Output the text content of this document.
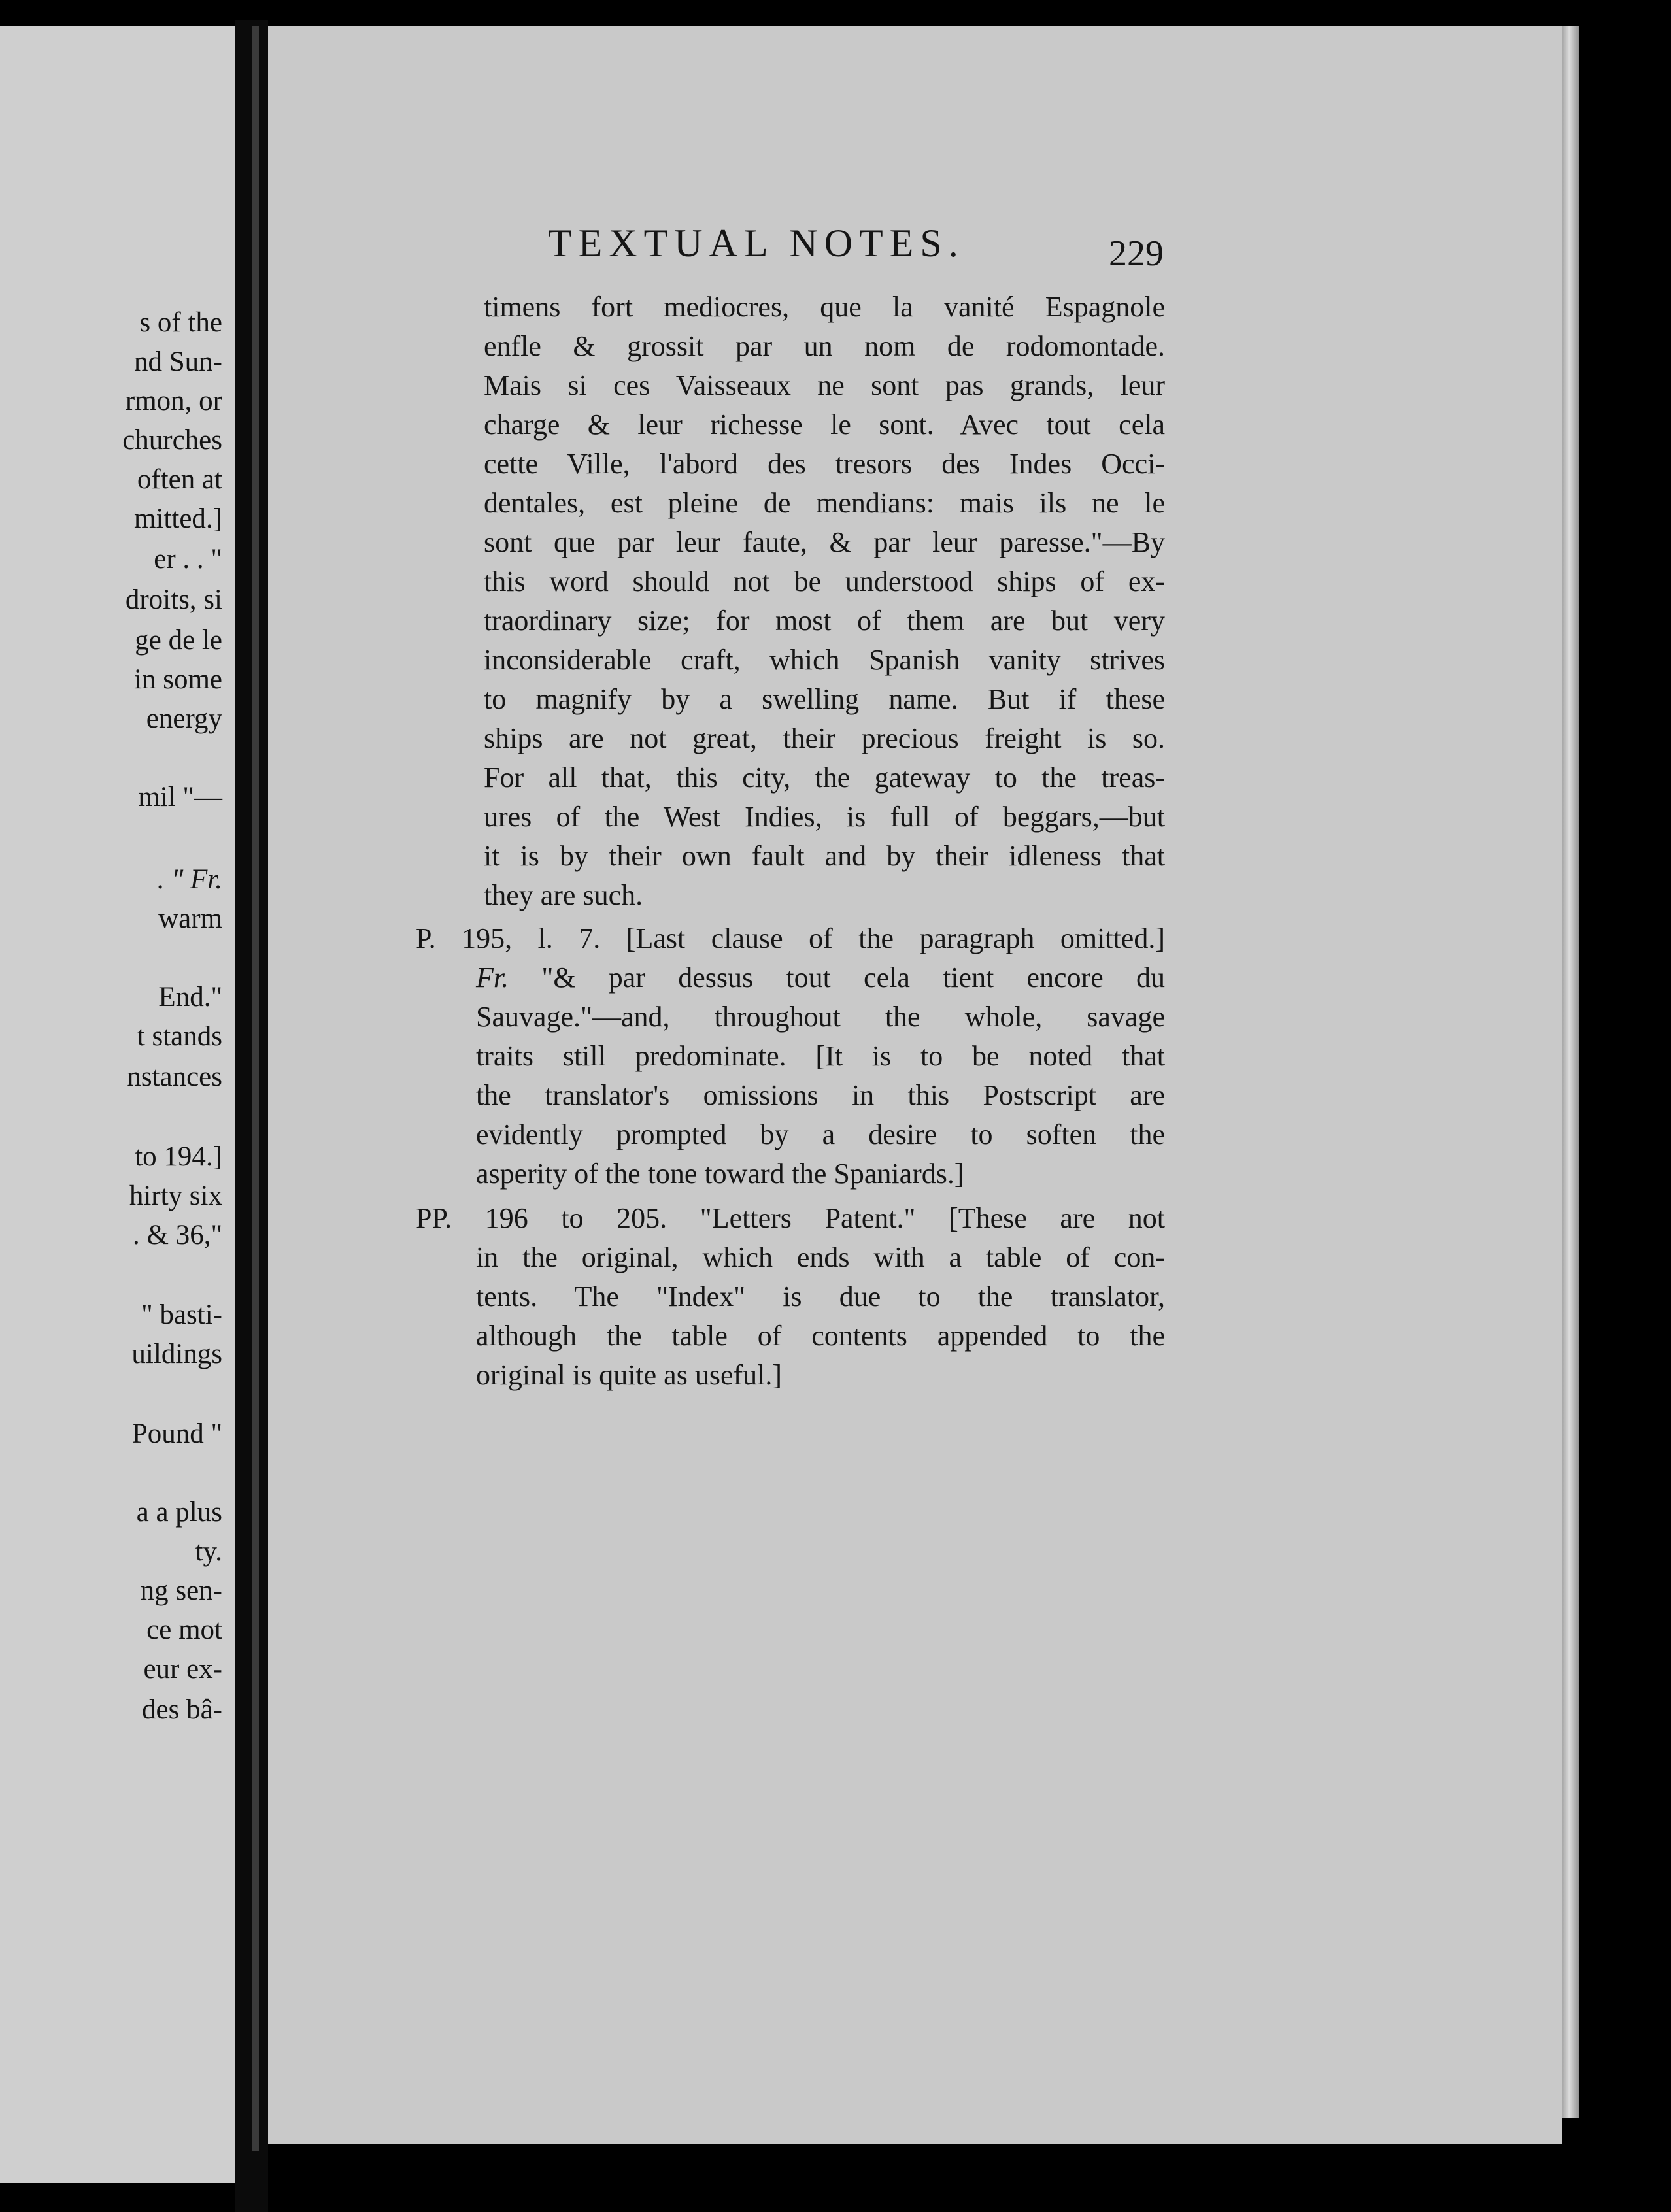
s of the
nd Sun-
rmon, or
churches
often at
mitted.]
er . . "
droits, si
ge de le
in some
energy
mil "—
. " Fr.
warm
End."
t stands
nstances
to 194.]
hirty six
. & 36,"
" basti-
uildings
Pound "
a a plus
ty.
ng sen-
ce mot
eur ex-
des bâ-
TEXTUAL NOTES.	229
timens fort mediocres, que la vanité Espagnole
enfle & grossit par un nom de rodomontade.
Mais si ces Vaisseaux ne sont pas grands, leur
charge & leur richesse le sont. Avec tout cela
cette Ville, l'abord des tresors des Indes Occi-
dentales, est pleine de mendians: mais ils ne le
sont que par leur faute, & par leur paresse."—By
this word should not be understood ships of ex-
traordinary size; for most of them are but very
inconsiderable craft, which Spanish vanity strives
to magnify by a swelling name. But if these
ships are not great, their precious freight is so.
For all that, this city, the gateway to the treas-
ures of the West Indies, is full of beggars,—but
it is by their own fault and by their idleness that
they are such.
P. 195, l. 7. [Last clause of the paragraph omitted.]
Fr. "& par dessus tout cela tient encore du
Sauvage."—and, throughout the whole, savage
traits still predominate. [It is to be noted that
the translator's omissions in this Postscript are
evidently prompted by a desire to soften the
asperity of the tone toward the Spaniards.]
PP. 196 to 205. "Letters Patent." [These are not
in the original, which ends with a table of con-
tents. The "Index" is due to the translator,
although the table of contents appended to the
original is quite as useful.]
